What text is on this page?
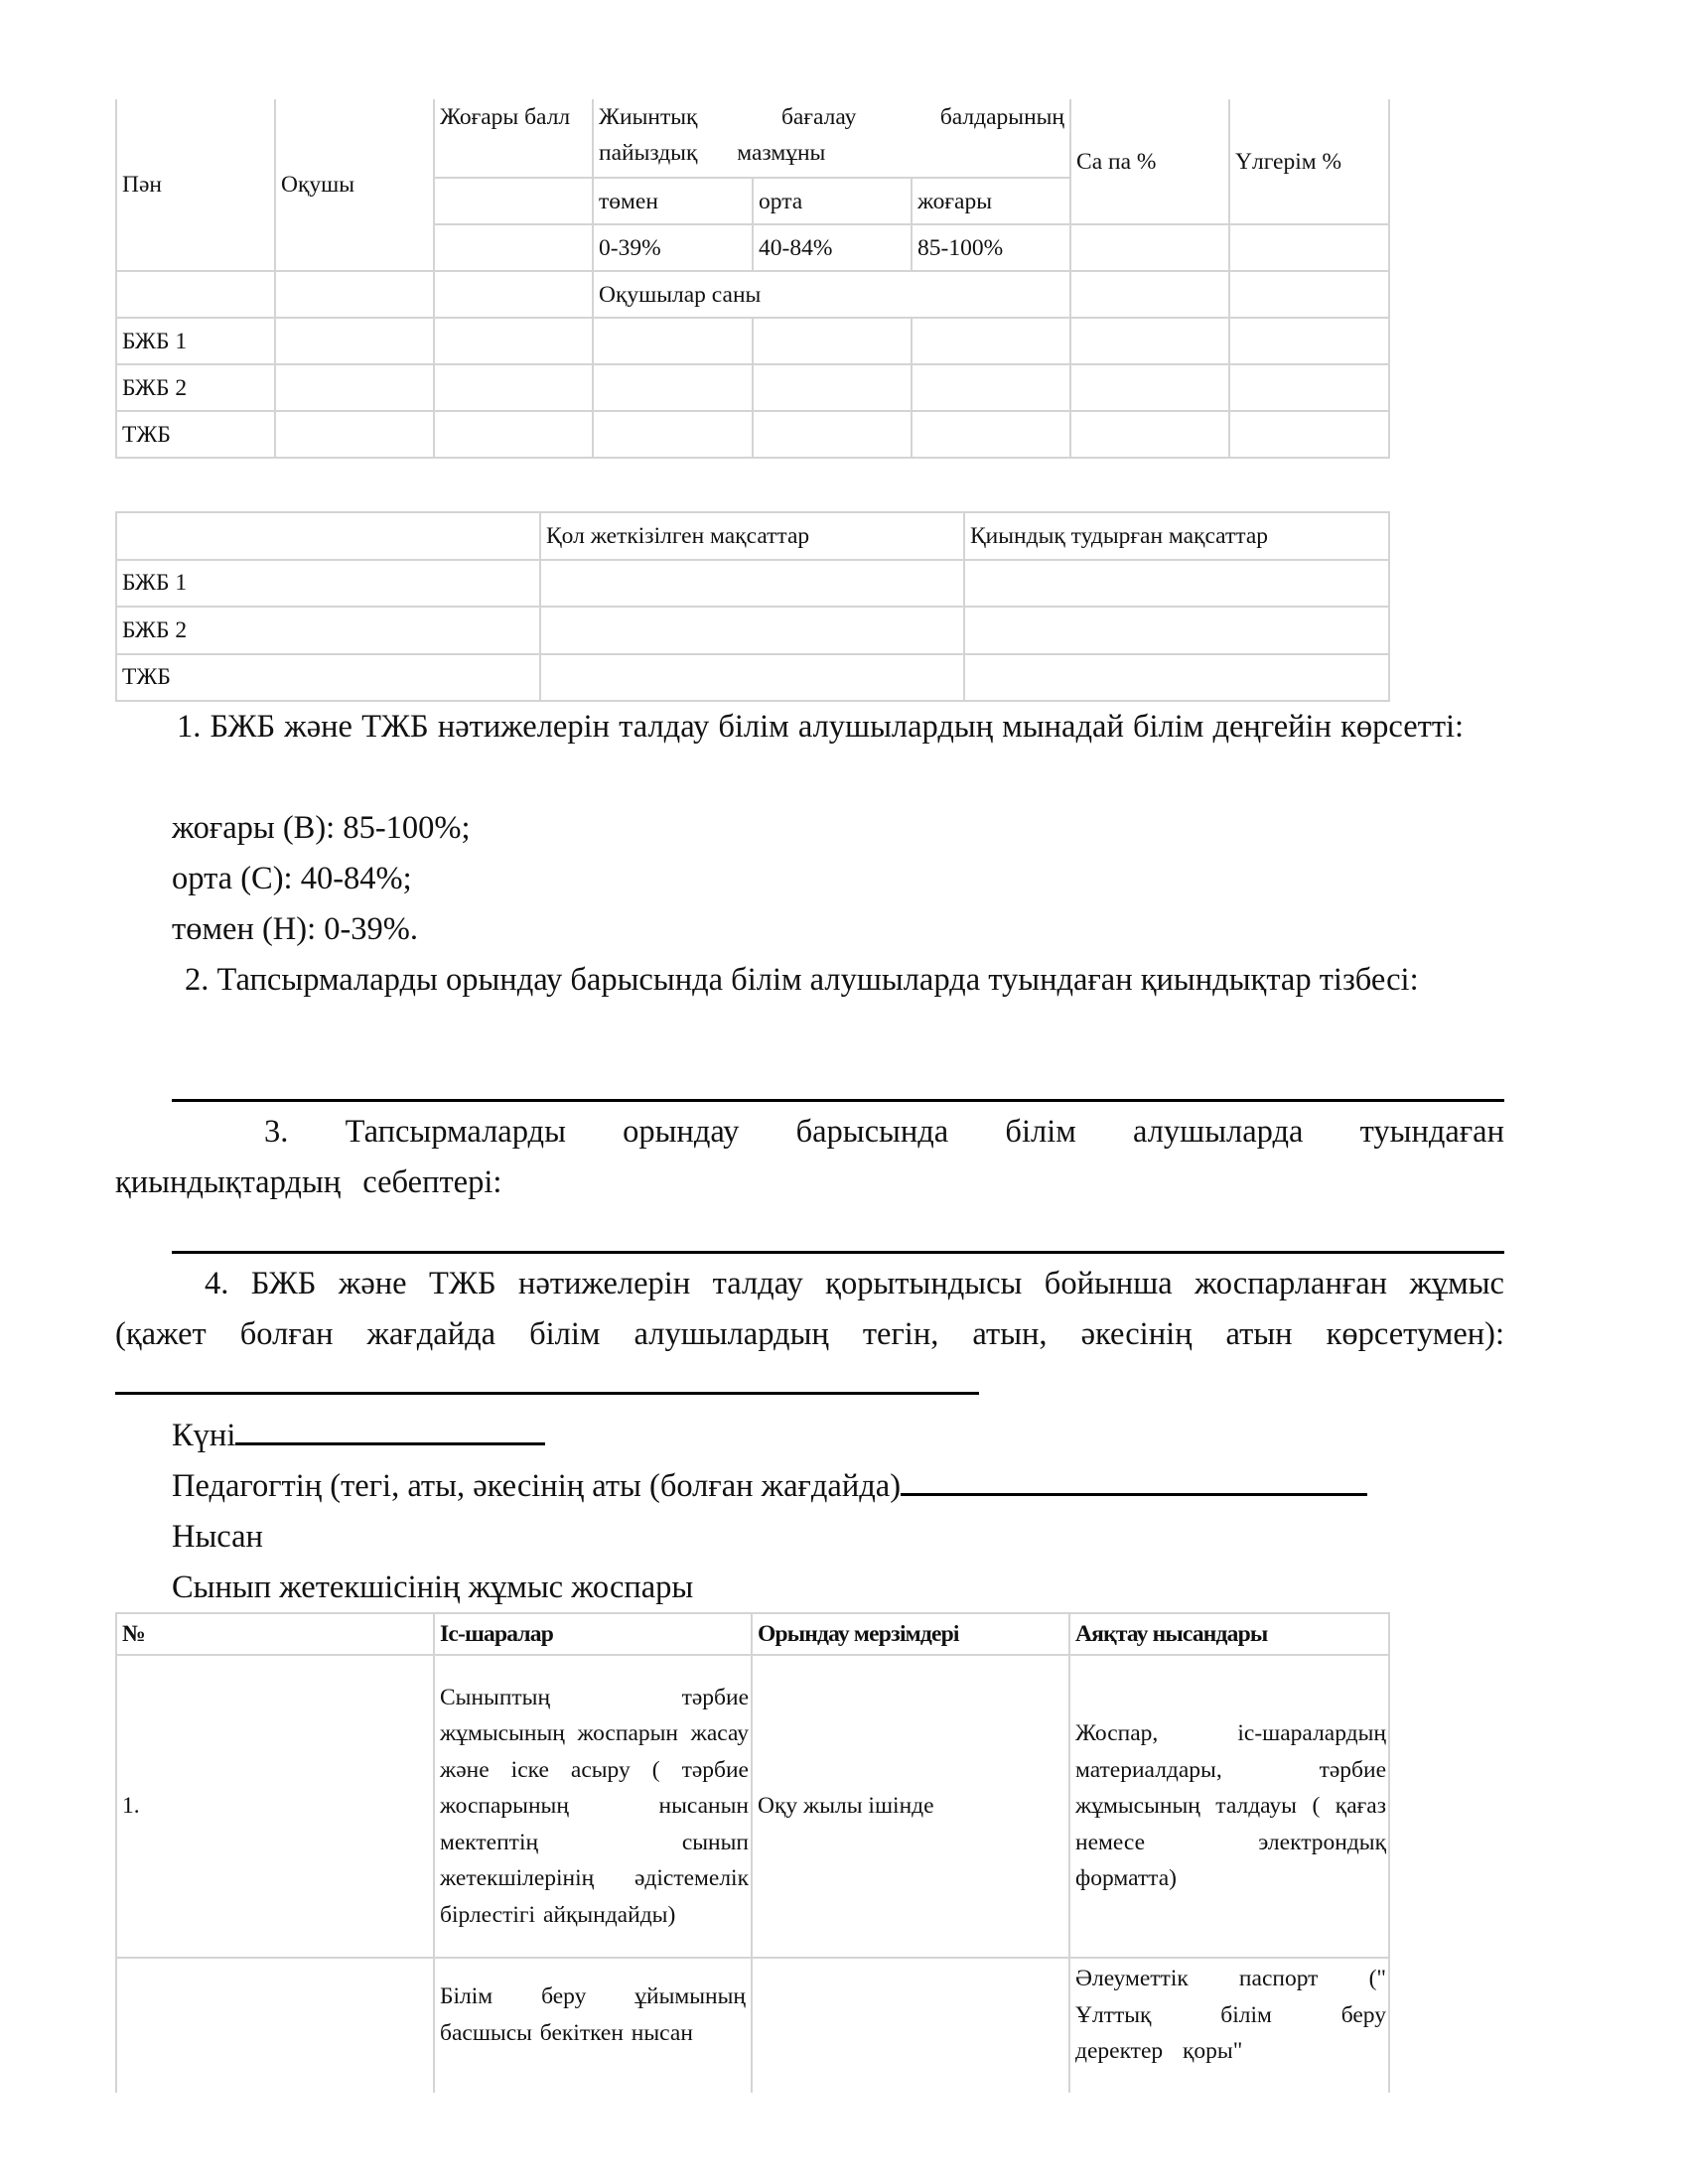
Пән	Оқушы	Жоғары балл	Жиынтық бағалау балдарының пайыздық мазмұны			Са па %	Үлгерім %
			төмен	орта	жоғары		
			0-39%	40-84%	85-100%		
			Оқушылар саны				
БЖБ 1							
БЖБ 2							
ТЖБ							
	Қол жеткізілген мақсаттар	Қиындық тудырған мақсаттар
БЖБ 1		
БЖБ 2		
ТЖБ		
1. БЖБ және ТЖБ нәтижелерін талдау білім алушылардың мынадай білім деңгейін көрсетті:
жоғары (В): 85-100%;
орта (С): 40-84%;
төмен (Н): 0-39%.
2. Тапсырмаларды орындау барысында білім алушыларда туындаған қиындықтар тізбесі:
3. Тапсырмаларды орындау барысында білім алушыларда туындаған қиындықтардың себептері:
4. БЖБ және ТЖБ нәтижелерін талдау қорытындысы бойынша жоспарланған жұмыс (қажет болған жағдайда білім алушылардың тегін, атын, әкесінің атын көрсетумен):
Күні
Педагогтің (тегі, аты, әкесінің аты (болған жағдайда)
Нысан
Сынып жетекшісінің жұмыс жоспары
№	Іс-шаралар	Орындау мерзімдері	Аяқтау нысандары
1.	Сыныптың тәрбие жұмысының жоспарын жасау және іске асыру ( тәрбие жоспарының нысанын мектептің сынып жетекшілерінің әдістемелік бірлестігі айқындайды)	Оқу жылы ішінде	Жоспар, іс-шаралардың материалдары, тәрбие жұмысының талдауы ( қағаз немесе электрондық форматта)
	Білім беру ұйымының басшысы бекіткен нысан		Әлеуметтік паспорт (" Ұлттық білім беру деректер қоры"
